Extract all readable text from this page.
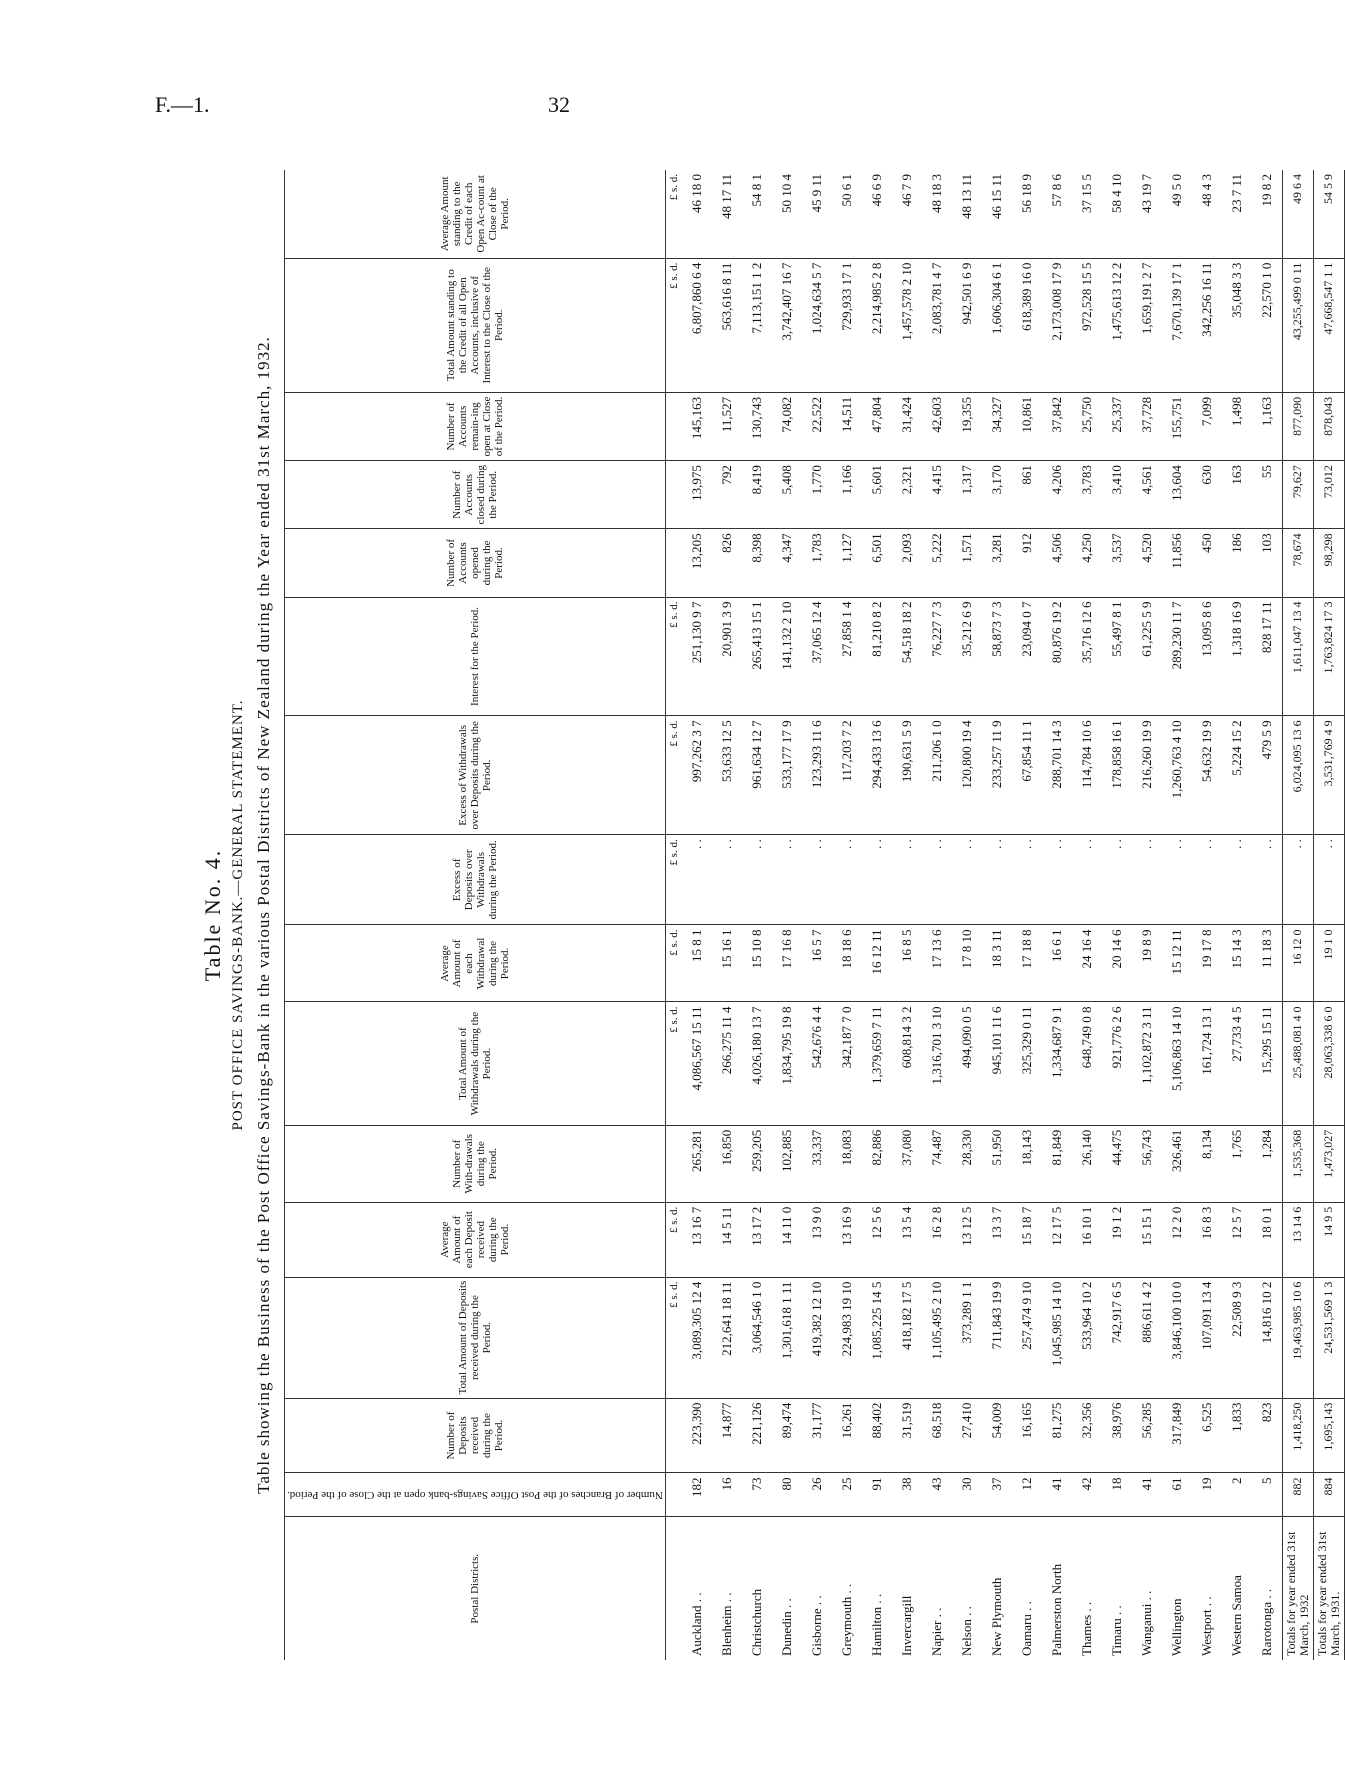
F.—1.	32
Table No. 4. POST OFFICE SAVINGS-BANK.—GENERAL STATEMENT. Table showing the Business of the Post Office Savings-Bank in the various Postal Districts of New Zealand during the Year ended 31st March, 1932.
Postal Districts.	Number of Branches of the Post Office Savings-bank open at the Close of the Period.	Number of Deposits received during the Period.	Total Amount of Deposits received during the Period.	Average Amount of each Deposit received during the Period.	Number of With-drawals during the Period.	Total Amount of Withdrawals during the Period.	Average Amount of each Withdrawal during the Period.	Excess of Deposits over Withdrawals during the Period.	Excess of Withdrawals over Deposits during the Period.	Interest for the Period.	Number of Accounts opened during the Period.	Number of Accounts closed during the Period.	Number of Accounts remain-ing open at Close of the Period.	Total Amount standing to the Credit of all Open Accounts, inclusive of Interest to the Close of the Period.	Average Amount standing to the Credit of each Open Ac-count at Close of the Period.
			£ s. d.	£ s. d.		£ s. d.	£ s. d.	£ s. d.	£ s. d.	£ s. d.				£ s. d.	£ s. d.
Auckland . .	182	223,390	3,089,305 12 4	13 16 7	265,281	4,086,567 15 11	15 8 1	. .	997,262 3 7	251,130 9 7	13,205	13,975	145,163	6,807,860 6 4	46 18 0
Blenheim . .	16	14,877	212,641 18 11	14 5 11	16,850	266,275 11 4	15 16 1	. .	53,633 12 5	20,901 3 9	826	792	11,527	563,616 8 11	48 17 11
Christchurch	73	221,126	3,064,546 1 0	13 17 2	259,205	4,026,180 13 7	15 10 8	. .	961,634 12 7	265,413 15 1	8,398	8,419	130,743	7,113,151 1 2	54 8 1
Dunedin . .	80	89,474	1,301,618 1 11	14 11 0	102,885	1,834,795 19 8	17 16 8	. .	533,177 17 9	141,132 2 10	4,347	5,408	74,082	3,742,407 16 7	50 10 4
Gisborne . .	26	31,177	419,382 12 10	13 9 0	33,337	542,676 4 4	16 5 7	. .	123,293 11 6	37,065 12 4	1,783	1,770	22,522	1,024,634 5 7	45 9 11
Greymouth . .	25	16,261	224,983 19 10	13 16 9	18,083	342,187 7 0	18 18 6	. .	117,203 7 2	27,858 1 4	1,127	1,166	14,511	729,933 17 1	50 6 1
Hamilton . .	91	88,402	1,085,225 14 5	12 5 6	82,886	1,379,659 7 11	16 12 11	. .	294,433 13 6	81,210 8 2	6,501	5,601	47,804	2,214,985 2 8	46 6 9
Invercargill	38	31,519	418,182 17 5	13 5 4	37,080	608,814 3 2	16 8 5	. .	190,631 5 9	54,518 18 2	2,093	2,321	31,424	1,457,578 2 10	46 7 9
Napier . .	43	68,518	1,105,495 2 10	16 2 8	74,487	1,316,701 3 10	17 13 6	. .	211,206 1 0	76,227 7 3	5,222	4,415	42,603	2,083,781 4 7	48 18 3
Nelson . .	30	27,410	373,289 1 1	13 12 5	28,330	494,090 0 5	17 8 10	. .	120,800 19 4	35,212 6 9	1,571	1,317	19,355	942,501 6 9	48 13 11
New Plymouth	37	54,009	711,843 19 9	13 3 7	51,950	945,101 11 6	18 3 11	. .	233,257 11 9	58,873 7 3	3,281	3,170	34,327	1,606,304 6 1	46 15 11
Oamaru . .	12	16,165	257,474 9 10	15 18 7	18,143	325,329 0 11	17 18 8	. .	67,854 11 1	23,094 0 7	912	861	10,861	618,389 16 0	56 18 9
Palmerston North	41	81,275	1,045,985 14 10	12 17 5	81,849	1,334,687 9 1	16 6 1	. .	288,701 14 3	80,876 19 2	4,506	4,206	37,842	2,173,008 17 9	57 8 6
Thames . .	42	32,356	533,964 10 2	16 10 1	26,140	648,749 0 8	24 16 4	. .	114,784 10 6	35,716 12 6	4,250	3,783	25,750	972,528 15 5	37 15 5
Timaru . .	18	38,976	742,917 6 5	19 1 2	44,475	921,776 2 6	20 14 6	. .	178,858 16 1	55,497 8 1	3,537	3,410	25,337	1,475,613 12 2	58 4 10
Wanganui . .	41	56,285	886,611 4 2	15 15 1	56,743	1,102,872 3 11	19 8 9	. .	216,260 19 9	61,225 5 9	4,520	4,561	37,728	1,659,191 2 7	43 19 7
Wellington	61	317,849	3,846,100 10 0	12 2 0	326,461	5,106,863 14 10	15 12 11	. .	1,260,763 4 10	289,230 11 7	11,856	13,604	155,751	7,670,139 17 1	49 5 0
Westport . .	19	6,525	107,091 13 4	16 8 3	8,134	161,724 13 1	19 17 8	. .	54,632 19 9	13,095 8 6	450	630	7,099	342,256 16 11	48 4 3
Western Samoa	2	1,833	22,508 9 3	12 5 7	1,765	27,733 4 5	15 14 3	. .	5,224 15 2	1,318 16 9	186	163	1,498	35,048 3 3	23 7 11
Rarotonga . .	5	823	14,816 10 2	18 0 1	1,284	15,295 15 11	11 18 3	. .	479 5 9	828 17 11	103	55	1,163	22,570 1 0	19 8 2
Totals for year ended 31st March, 1932	882	1,418,250	19,463,985 10 6	13 14 6	1,535,368	25,488,081 4 0	16 12 0	. .	6,024,095 13 6	1,611,047 13 4	78,674	79,627	877,090	43,255,499 0 11	49 6 4
Totals for year ended 31st March, 1931.	884	1,695,143	24,531,569 1 3	14 9 5	1,473,027	28,063,338 6 0	19 1 0	. .	3,531,769 4 9	1,763,824 17 3	98,298	73,012	878,043	47,668,547 1 1	54 5 9
